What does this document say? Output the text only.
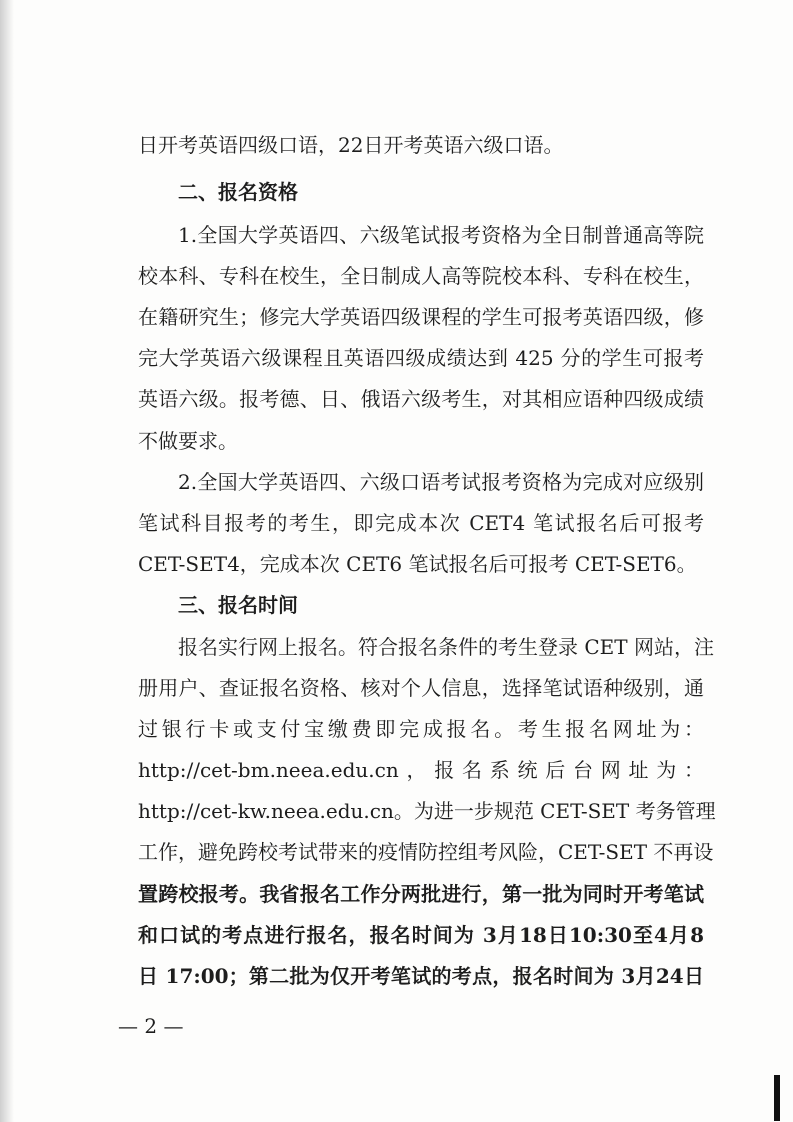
日开考英语四级口语，22日开考英语六级口语。

二、报名资格

1.全国大学英语四、六级笔试报考资格为全日制普通高等院

校本科、专科在校生，全日制成人高等院校本科、专科在校生，

在籍研究生；修完大学英语四级课程的学生可报考英语四级，修

完大学英语六级课程且英语四级成绩达到 425 分的学生可报考

英语六级。报考德、日、俄语六级考生，对其相应语种四级成绩

不做要求。

2.全国大学英语四、六级口语考试报考资格为完成对应级别

笔试科目报考的考生，即完成本次 CET4 笔试报名后可报考

CET-SET4，完成本次 CET6 笔试报名后可报考 CET-SET6。

三、报名时间

报名实行网上报名。符合报名条件的考生登录 CET 网站，注

册用户、查证报名资格、核对个人信息，选择笔试语种级别，通

过银行卡或支付宝缴费即完成报名。考生报名网址为：

http://cet-bm.neea.edu.cn，报名系统后台网址为：

http://cet-kw.neea.edu.cn。为进一步规范 CET-SET 考务管理

工作，避免跨校考试带来的疫情防控组考风险，CET-SET 不再设

置跨校报考。我省报名工作分两批进行，第一批为同时开考笔试

和口试的考点进行报名，报名时间为 3月18日10:30至4月8

日 17:00；第二批为仅开考笔试的考点，报名时间为 3月24日

— 2 —
